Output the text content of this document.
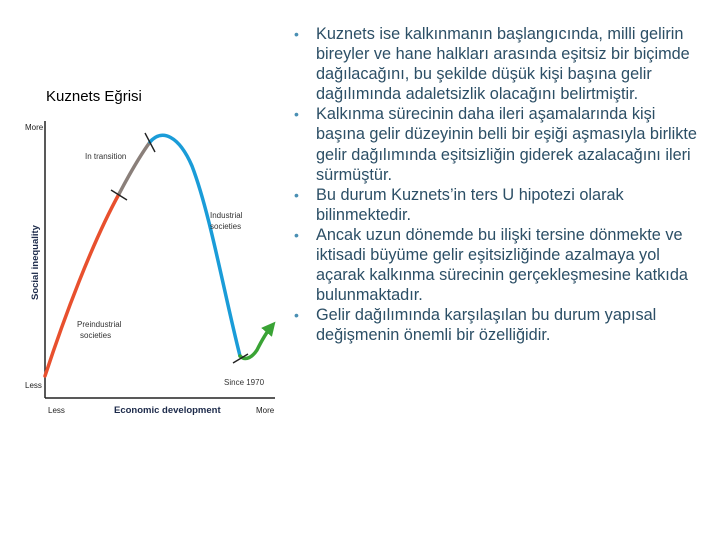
Kuznets Eğrisi
More
Less
Less	More
Economic development
Social inequality
In transition
Industrial
societies
Preindustrial
societies
Since 1970
• Kuznets ise kalkınmanın başlangıcında, milli gelirin bireyler ve hane halkları arasında eşitsiz bir biçimde dağılacağını, bu şekilde düşük kişi başına gelir dağılımında adaletsizlik olacağını belirtmiştir.
• Kalkınma sürecinin daha ileri aşamalarında kişi başına gelir düzeyinin belli bir eşiği aşmasıyla birlikte gelir dağılımında eşitsizliğin giderek azalacağını ileri sürmüştür.
• Bu durum Kuznets’in ters U hipotezi olarak bilinmektedir.
• Ancak uzun dönemde bu ilişki tersine dönmekte ve iktisadi büyüme gelir eşitsizliğinde azalmaya yol açarak kalkınma sürecinin gerçekleşmesine katkıda bulunmaktadır.
• Gelir dağılımında karşılaşılan bu durum yapısal değişmenin önemli bir özelliğidir.
